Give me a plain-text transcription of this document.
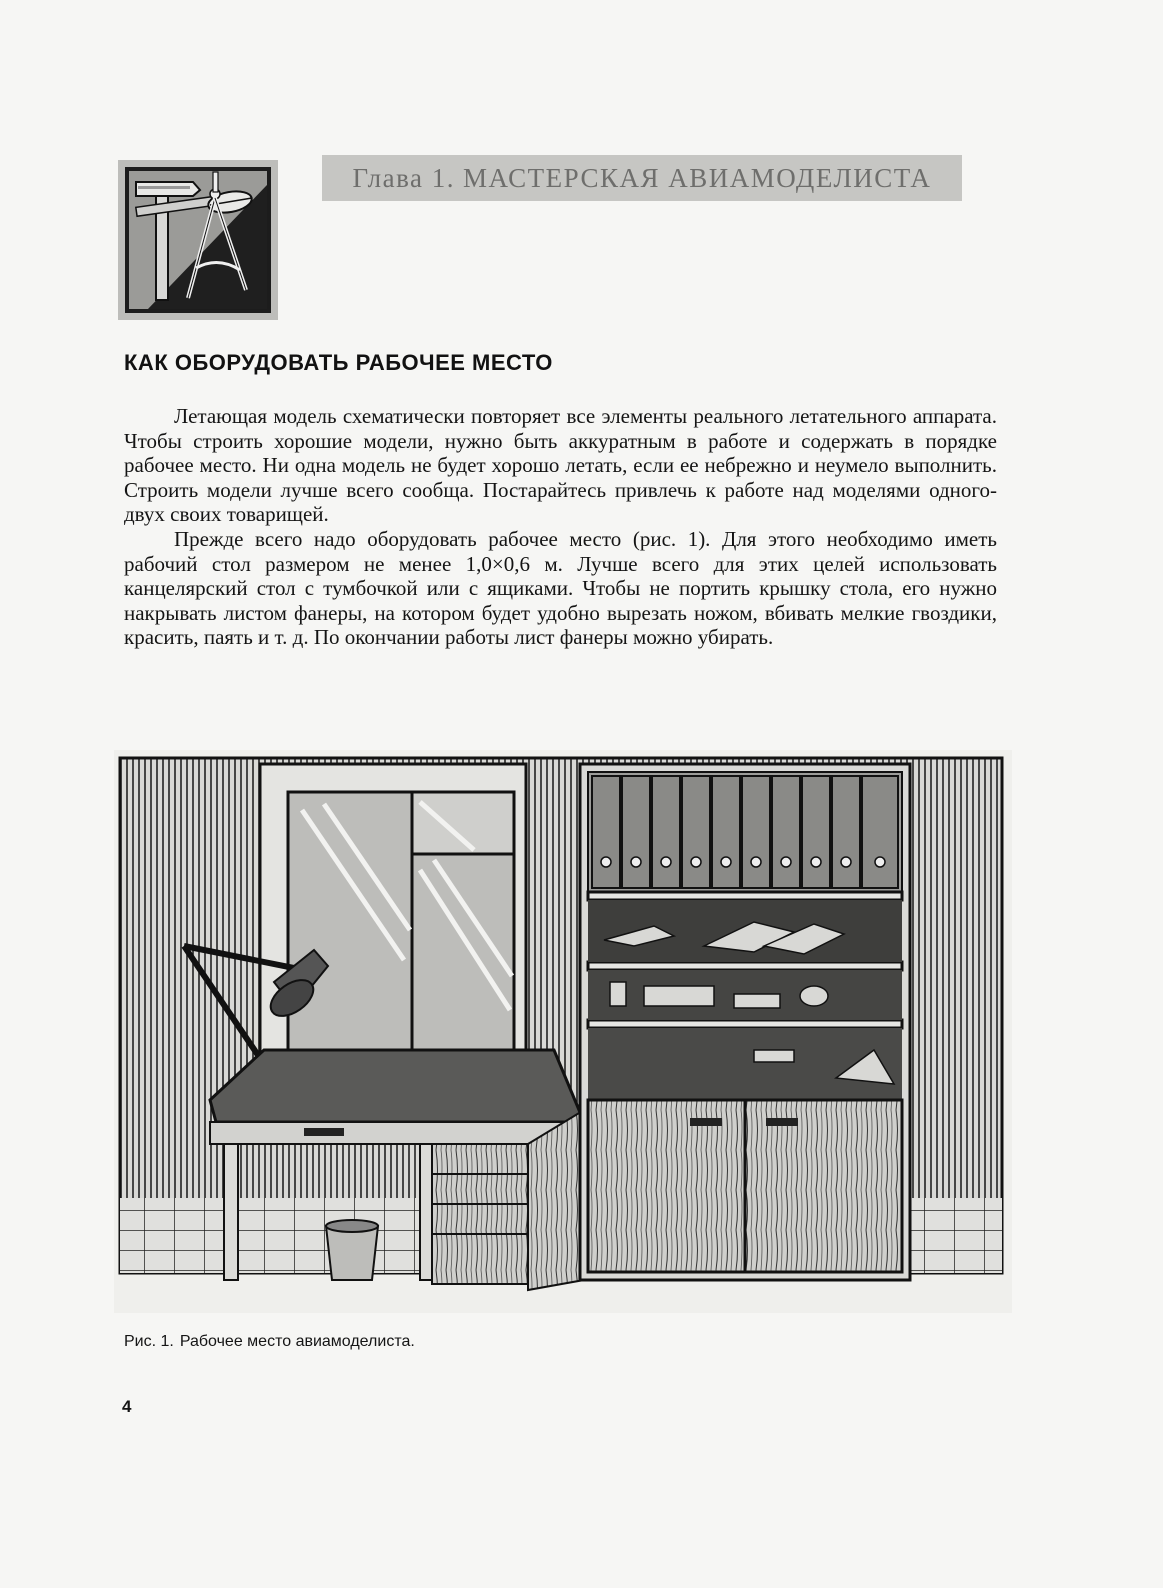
Глава 1. МАСТЕРСКАЯ АВИАМОДЕЛИСТА
КАК ОБОРУДОВАТЬ РАБОЧЕЕ МЕСТО

Летающая модель схематически повторяет все элементы реального летательного аппарата. Чтобы строить хорошие модели, нужно быть аккуратным в работе и содержать в порядке рабочее место. Ни одна модель не будет хорошо летать, если ее небрежно и неумело выполнить. Строить модели лучше всего сообща. Постарайтесь привлечь к работе над моделями одного-двух своих товарищей.

Прежде всего надо оборудовать рабочее место (рис. 1). Для этого необходимо иметь рабочий стол размером не менее 1,0×0,6 м. Лучше всего для этих целей использовать канцелярский стол с тумбочкой или с ящиками. Чтобы не портить крышку стола, его нужно накрывать листом фанеры, на котором будет удобно вырезать ножом, вбивать мелкие гвоздики, красить, паять и т. д. По окончании работы лист фанеры можно убирать.

Рис. 1. Рабочее место авиамоделиста.
4
